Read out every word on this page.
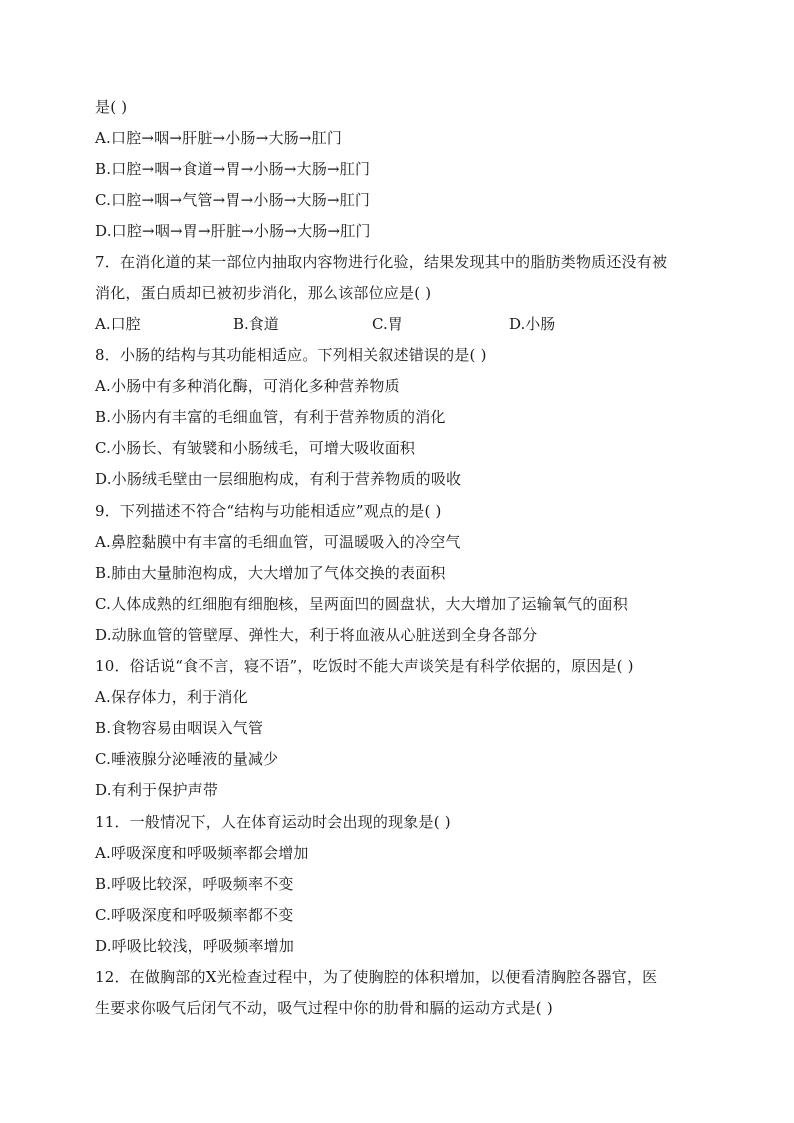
是( )
A.口腔→咽→肝脏→小肠→大肠→肛门
B.口腔→咽→食道→胃→小肠→大肠→肛门
C.口腔→咽→气管→胃→小肠→大肠→肛门
D.口腔→咽→胃→肝脏→小肠→大肠→肛门
7．在消化道的某一部位内抽取内容物进行化验，结果发现其中的脂肪类物质还没有被
消化，蛋白质却已被初步消化，那么该部位应是( )
A.口腔	B.食道	C.胃	D.小肠
8．小肠的结构与其功能相适应。下列相关叙述错误的是( )
A.小肠中有多种消化酶，可消化多种营养物质
B.小肠内有丰富的毛细血管，有利于营养物质的消化
C.小肠长、有皱襞和小肠绒毛，可增大吸收面积
D.小肠绒毛壁由一层细胞构成，有利于营养物质的吸收
9．下列描述不符合“结构与功能相适应”观点的是( )
A.鼻腔黏膜中有丰富的毛细血管，可温暖吸入的冷空气
B.肺由大量肺泡构成，大大增加了气体交换的表面积
C.人体成熟的红细胞有细胞核，呈两面凹的圆盘状，大大增加了运输氧气的面积
D.动脉血管的管壁厚、弹性大，利于将血液从心脏送到全身各部分
10．俗话说“食不言，寝不语”，吃饭时不能大声谈笑是有科学依据的，原因是( )
A.保存体力，利于消化
B.食物容易由咽误入气管
C.唾液腺分泌唾液的量减少
D.有利于保护声带
11．一般情况下，人在体育运动时会出现的现象是( )
A.呼吸深度和呼吸频率都会增加
B.呼吸比较深，呼吸频率不变
C.呼吸深度和呼吸频率都不变
D.呼吸比较浅，呼吸频率增加
12．在做胸部的X光检查过程中，为了使胸腔的体积增加，以便看清胸腔各器官，医
生要求你吸气后闭气不动，吸气过程中你的肋骨和膈的运动方式是( )
